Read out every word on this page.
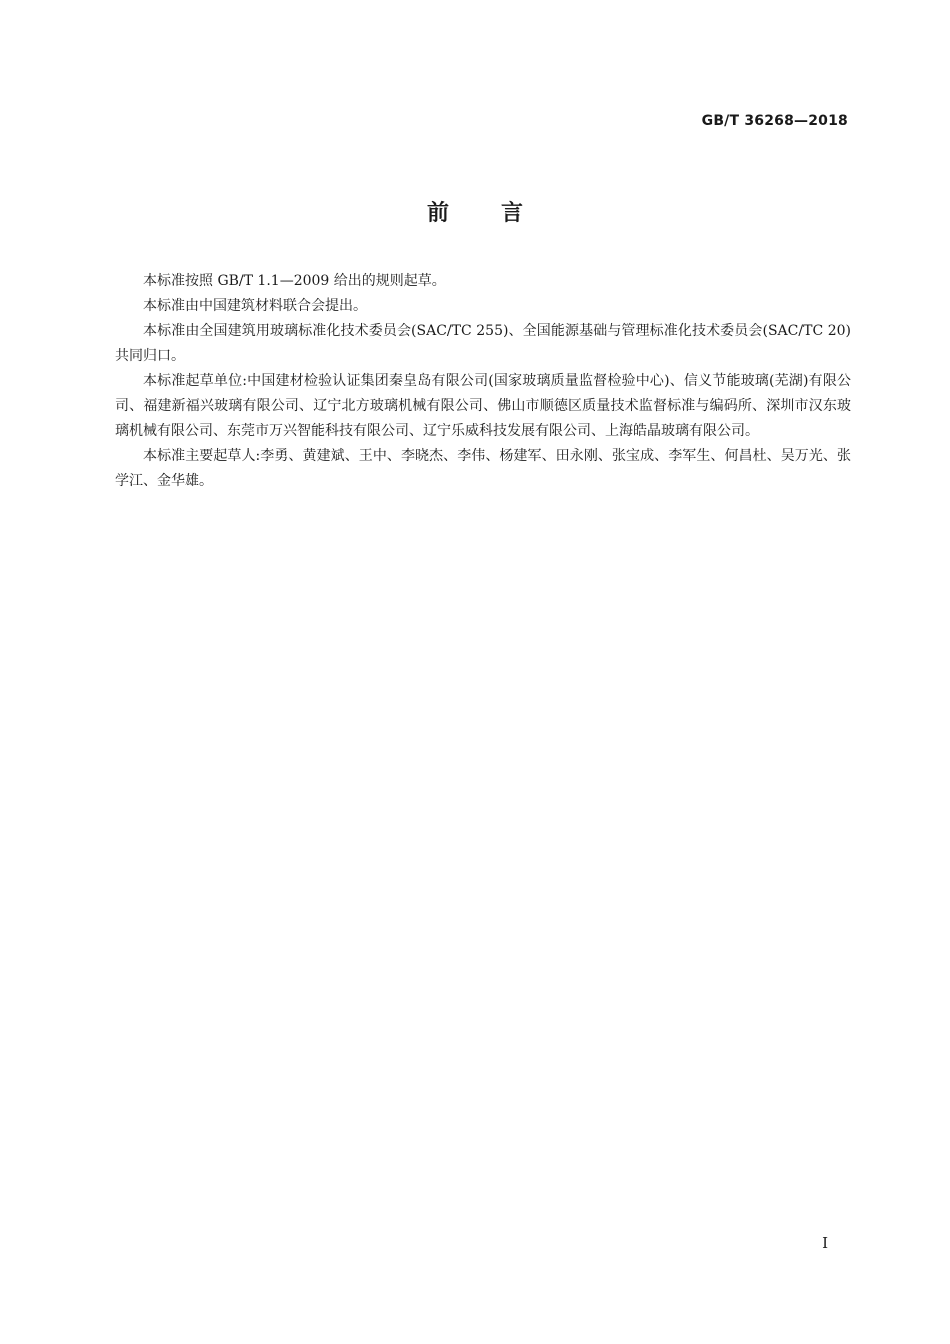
GB/T 36268—2018
前言

本标准按照 GB/T 1.1—2009 给出的规则起草。

本标准由中国建筑材料联合会提出。

本标准由全国建筑用玻璃标准化技术委员会(SAC/TC 255)、全国能源基础与管理标准化技术委员会(SAC/TC 20)共同归口。

本标准起草单位:中国建材检验认证集团秦皇岛有限公司(国家玻璃质量监督检验中心)、信义节能玻璃(芜湖)有限公司、福建新福兴玻璃有限公司、辽宁北方玻璃机械有限公司、佛山市顺德区质量技术监督标准与编码所、深圳市汉东玻璃机械有限公司、东莞市万兴智能科技有限公司、辽宁乐威科技发展有限公司、上海皓晶玻璃有限公司。

本标准主要起草人:李勇、黄建斌、王中、李晓杰、李伟、杨建军、田永刚、张宝成、李军生、何昌杜、吴万光、张学江、金华雄。

I
